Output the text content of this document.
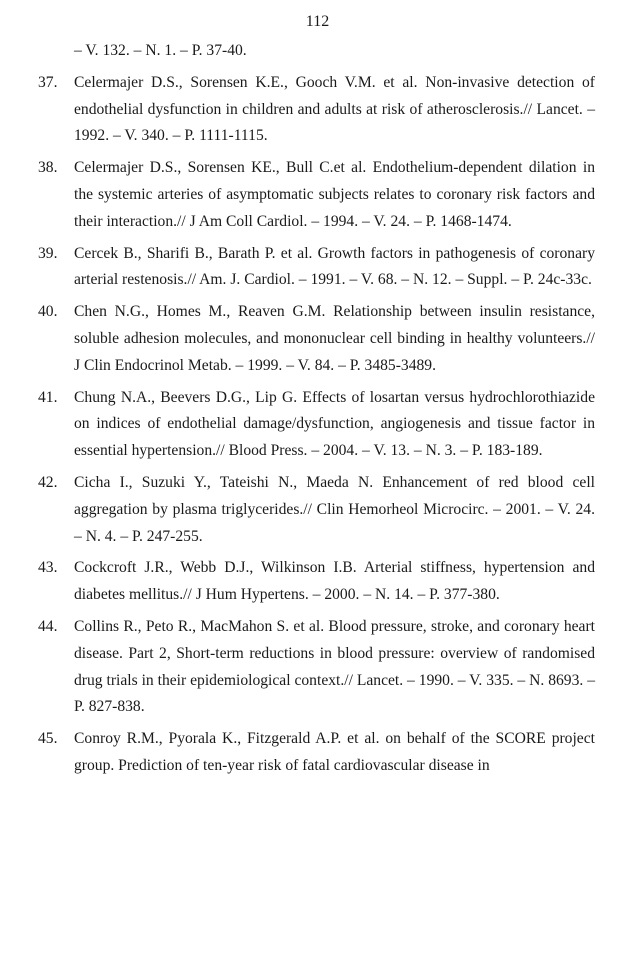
112
– V. 132. – N. 1. – P. 37-40.
37.	Celermajer D.S., Sorensen K.E., Gooch V.M. et al. Non-invasive detection of endothelial dysfunction in children and adults at risk of atherosclerosis.// Lancet. – 1992. – V. 340. – P. 1111-1115.
38.	Celermajer D.S., Sorensen KE., Bull C.et al. Endothelium-dependent dilation in the systemic arteries of asymptomatic subjects relates to coronary risk factors and their interaction.// J Am Coll Cardiol. – 1994. – V. 24. – P. 1468-1474.
39.	Cercek B., Sharifi B., Barath P. et al. Growth factors in pathogenesis of coronary arterial restenosis.// Am. J. Cardiol. – 1991. – V. 68. – N. 12. – Suppl. – P. 24c-33c.
40.	Chen N.G., Homes M., Reaven G.M. Relationship between insulin resistance, soluble adhesion molecules, and mononuclear cell binding in healthy volunteers.// J Clin Endocrinol Metab. – 1999. – V. 84. – P. 3485-3489.
41.	Chung N.A., Beevers D.G., Lip G. Effects of losartan versus hydrochlorothiazide on indices of endothelial damage/dysfunction, angiogenesis and tissue factor in essential hypertension.// Blood Press. – 2004. – V. 13. – N. 3. – P. 183-189.
42.	Cicha I., Suzuki Y., Tateishi N., Maeda N. Enhancement of red blood cell aggregation by plasma triglycerides.// Clin Hemorheol Microcirc. – 2001. – V. 24. – N. 4. – P. 247-255.
43.	Cockcroft J.R., Webb D.J., Wilkinson I.B. Arterial stiffness, hypertension and diabetes mellitus.// J Hum Hypertens. – 2000. – N. 14. – P. 377-380.
44.	Collins R., Peto R., MacMahon S. et al. Blood pressure, stroke, and coronary heart disease. Part 2, Short-term reductions in blood pressure: overview of randomised drug trials in their epidemiological context.// Lancet. – 1990. – V. 335. – N. 8693. – P. 827-838.
45.	Conroy R.M., Pyorala K., Fitzgerald A.P. et al. on behalf of the SCORE project group. Prediction of ten-year risk of fatal cardiovascular disease in
